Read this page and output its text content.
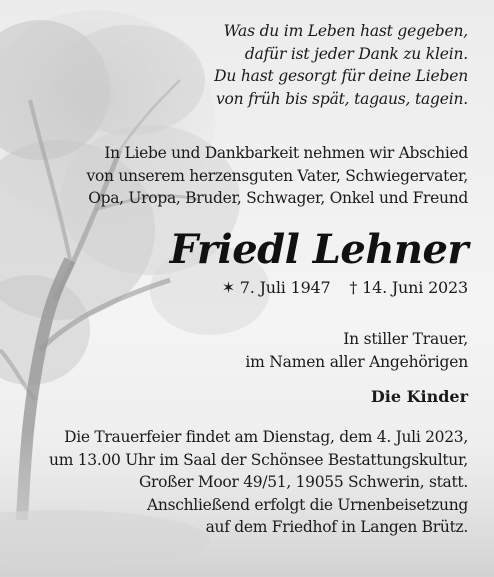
Was du im Leben hast gegeben,
dafür ist jeder Dank zu klein.
Du hast gesorgt für deine Lieben
von früh bis spät, tagaus, tagein.
In Liebe und Dankbarkeit nehmen wir Abschied
von unserem herzensguten Vater, Schwiegervater,
Opa, Uropa, Bruder, Schwager, Onkel und Freund
Friedl Lehner
✶ 7. Juli 1947 † 14. Juni 2023
In stiller Trauer,
im Namen aller Angehörigen
Die Kinder
Die Trauerfeier findet am Dienstag, dem 4. Juli 2023,
um 13.00 Uhr im Saal der Schönsee Bestattungskultur,
Großer Moor 49/51, 19055 Schwerin, statt.
Anschließend erfolgt die Urnenbeisetzung
auf dem Friedhof in Langen Brütz.
